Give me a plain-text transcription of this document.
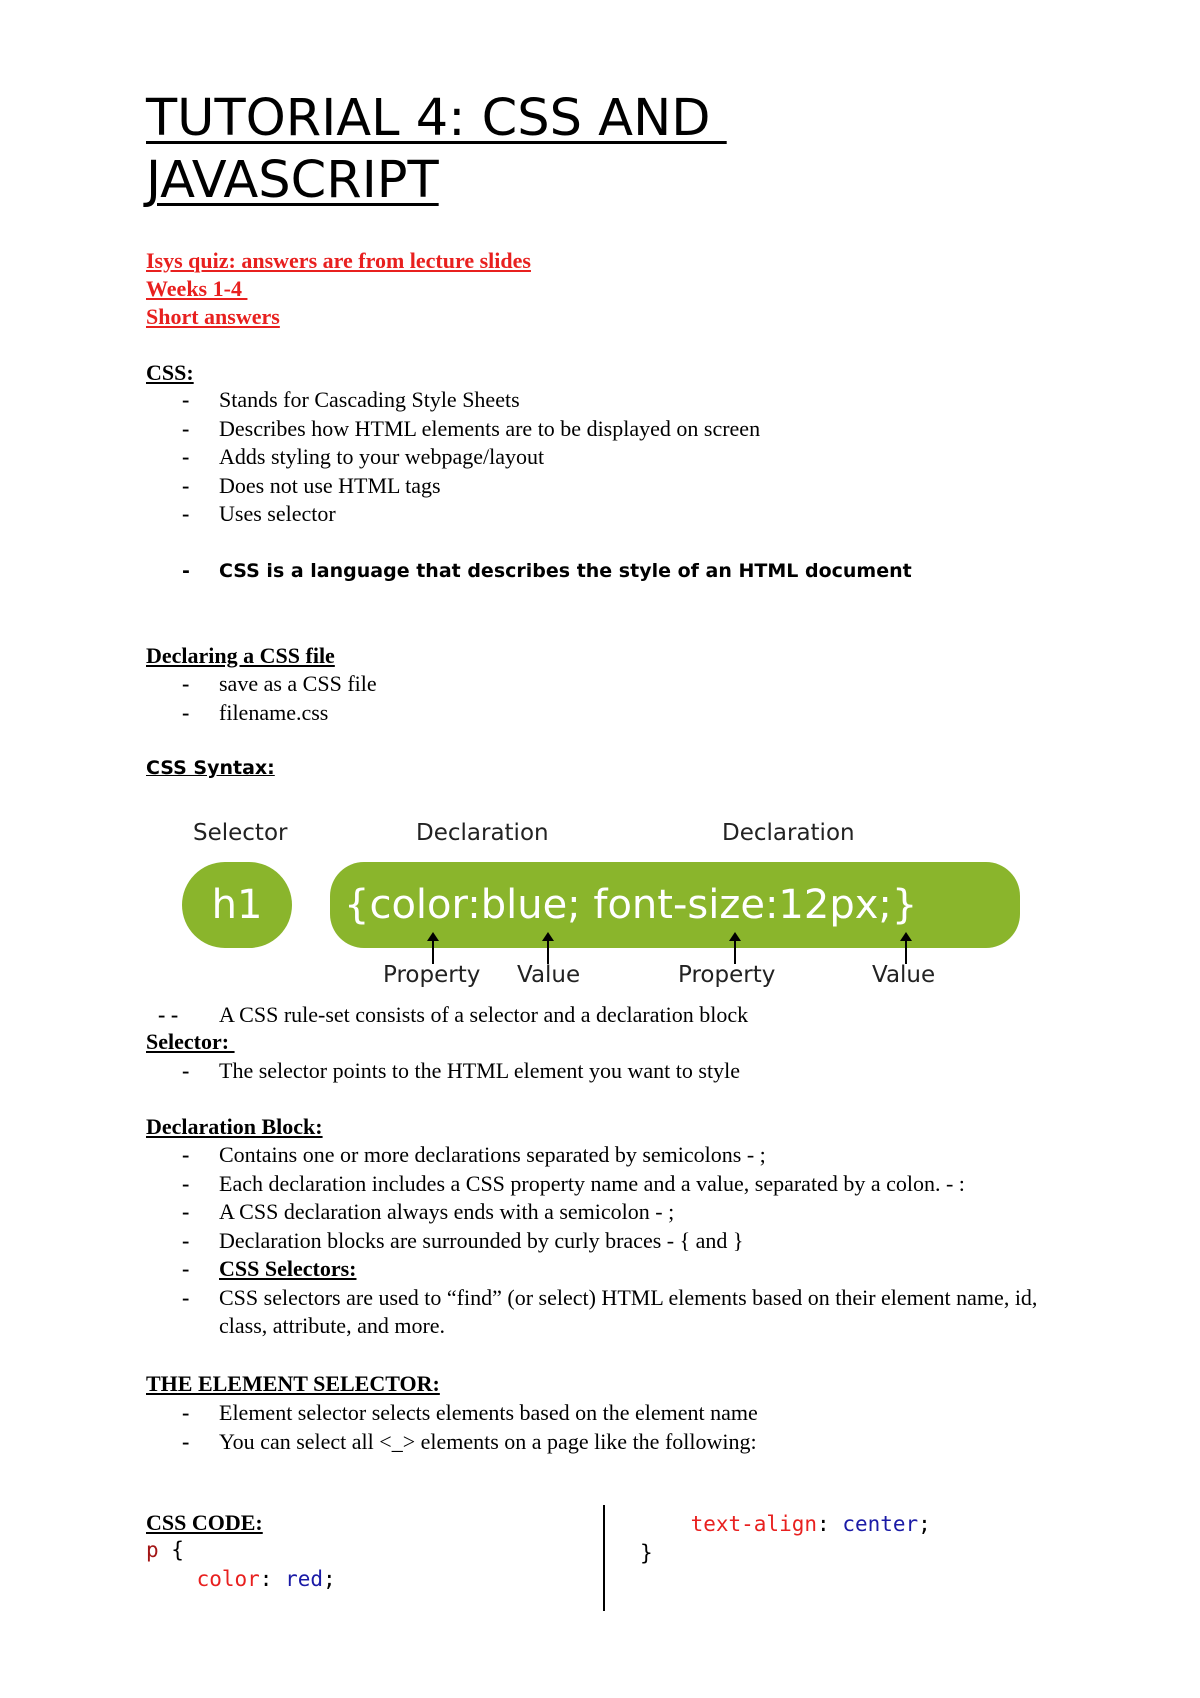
TUTORIAL 4: CSS AND
JAVASCRIPT
Isys quiz: answers are from lecture slides
Weeks 1-4
Short answers
CSS:
- Stands for Cascading Style Sheets
- Describes how HTML elements are to be displayed on screen
- Adds styling to your webpage/layout
- Does not use HTML tags
- Uses selector
- CSS is a language that describes the style of an HTML document
Declaring a CSS file
- save as a CSS file
- filename.css
CSS Syntax:
Selector	Declaration	Declaration
h1	{color:blue; font-size:12px;}
Property Value	Property	Value
- - A CSS rule-set consists of a selector and a declaration block
Selector:
- The selector points to the HTML element you want to style
Declaration Block:
- Contains one or more declarations separated by semicolons - ;
- Each declaration includes a CSS property name and a value, separated by a colon. - :
- A CSS declaration always ends with a semicolon - ;
- Declaration blocks are surrounded by curly braces - { and }
- CSS Selectors:
- CSS selectors are used to “find” (or select) HTML elements based on their element name, id, class, attribute, and more.
THE ELEMENT SELECTOR:
- Element selector selects elements based on the element name
- You can select all <_> elements on a page like the following:
CSS CODE:
p {
color: red;
text-align: center;
}
